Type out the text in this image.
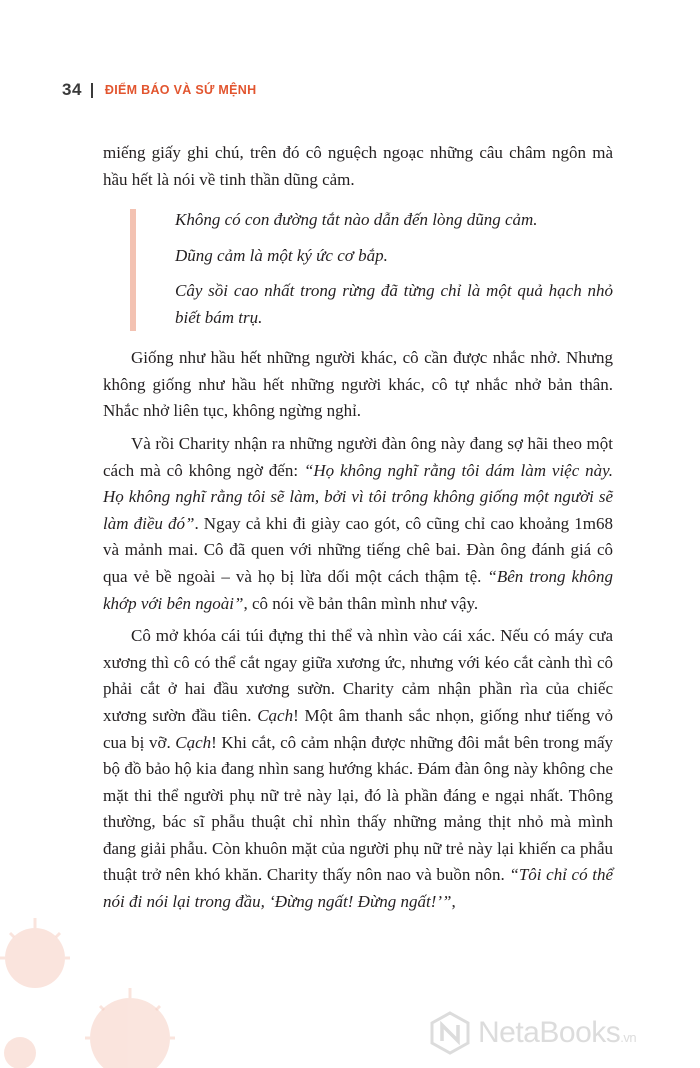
34 ĐIỂM BÁO VÀ SỨ MỆNH

miếng giấy ghi chú, trên đó cô nguệch ngoạc những câu châm ngôn mà hầu hết là nói về tinh thần dũng cảm.

Không có con đường tắt nào dẫn đến lòng dũng cảm.

Dũng cảm là một ký ức cơ bắp.

Cây sồi cao nhất trong rừng đã từng chỉ là một quả hạch nhỏ biết bám trụ.

Giống như hầu hết những người khác, cô cần được nhắc nhở. Nhưng không giống như hầu hết những người khác, cô tự nhắc nhở bản thân. Nhắc nhở liên tục, không ngừng nghỉ.

Và rồi Charity nhận ra những người đàn ông này đang sợ hãi theo một cách mà cô không ngờ đến: “Họ không nghĩ rằng tôi dám làm việc này. Họ không nghĩ rằng tôi sẽ làm, bởi vì tôi trông không giống một người sẽ làm điều đó”. Ngay cả khi đi giày cao gót, cô cũng chỉ cao khoảng 1m68 và mảnh mai. Cô đã quen với những tiếng chê bai. Đàn ông đánh giá cô qua vẻ bề ngoài – và họ bị lừa dối một cách thậm tệ. “Bên trong không khớp với bên ngoài”, cô nói về bản thân mình như vậy.

Cô mở khóa cái túi đựng thi thể và nhìn vào cái xác. Nếu có máy cưa xương thì cô có thể cắt ngay giữa xương ức, nhưng với kéo cắt cành thì cô phải cắt ở hai đầu xương sườn. Charity cảm nhận phần rìa của chiếc xương sườn đầu tiên. Cạch! Một âm thanh sắc nhọn, giống như tiếng vỏ cua bị vỡ. Cạch! Khi cắt, cô cảm nhận được những đôi mắt bên trong mấy bộ đồ bảo hộ kia đang nhìn sang hướng khác. Đám đàn ông này không che mặt thi thể người phụ nữ trẻ này lại, đó là phần đáng e ngại nhất. Thông thường, bác sĩ phẫu thuật chỉ nhìn thấy những mảng thịt nhỏ mà mình đang giải phẫu. Còn khuôn mặt của người phụ nữ trẻ này lại khiến ca phẫu thuật trở nên khó khăn. Charity thấy nôn nao và buồn nôn. “Tôi chỉ có thể nói đi nói lại trong đầu, ‘Đừng ngất! Đừng ngất!’”,

NetaBooks.vn
